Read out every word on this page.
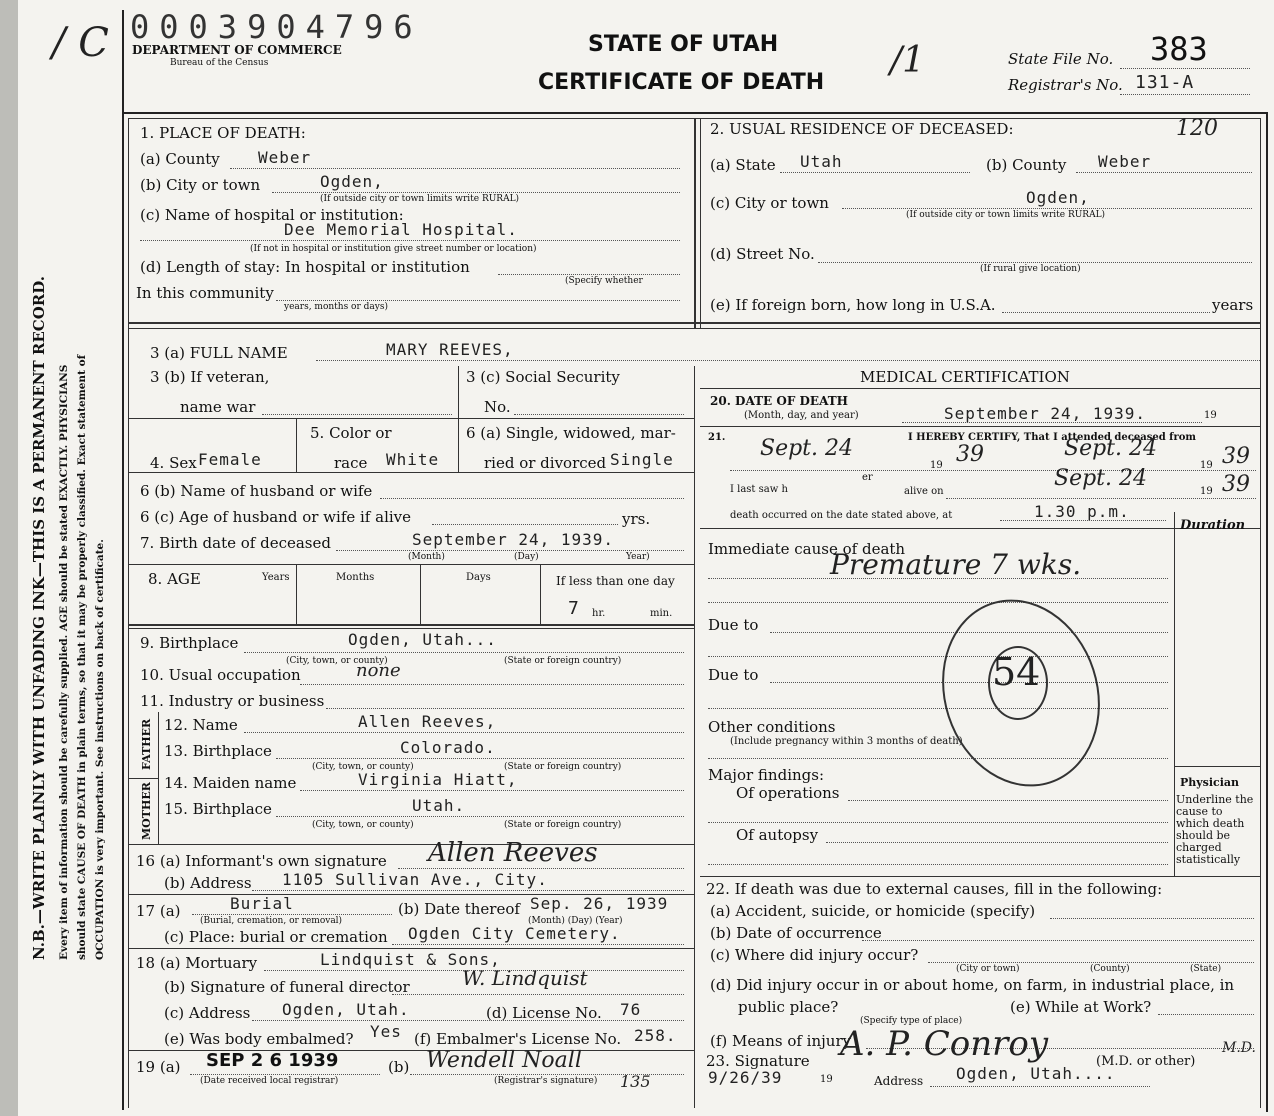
/ C
N.B.—WRITE PLAINLY WITH UNFADING INK—THIS IS A PERMANENT RECORD. Every item of information should be carefully supplied. AGE should be stated EXACTLY. PHYSICIANS should state CAUSE OF DEATH in plain terms, so that it may be properly classified. Exact statement of OCCUPATION is very important. See instructions on back of certificate.
0003904796
DEPARTMENT OF COMMERCE
Bureau of the Census
STATE OF UTAH
CERTIFICATE OF DEATH
/1	State File No. 383
Registrar's No. 131-A
1. PLACE OF DEATH:
(a) County Weber
(b) City or town	Ogden,
(If outside city or town limits write RURAL)
(c) Name of hospital or institution:
Dee Memorial Hospital.
(If not in hospital or institution give street number or location)
(d) Length of stay: In hospital or institution
(Specify whether
In this community
years, months or days)
2. USUAL RESIDENCE OF DECEASED:	120
(a) State Utah	(b) County Weber
(c) City or town	Ogden,
(If outside city or town limits write RURAL)
(d) Street No.
(If rural give location)
(e) If foreign born, how long in U.S.A.	years
3 (a) FULL NAME	MARY REEVES,
3 (b) If veteran,
name war
3 (c) Social Security
No.
4. Sex Female
5. Color or
race White
6 (a) Single, widowed, mar-
ried or divorced Single
6 (b) Name of husband or wife
6 (c) Age of husband or wife if alive	yrs.
7. Birth date of deceased	September 24, 1939.
(Month)	(Day)	Year)
8. AGE	Years	Months	Days	If less than one day
7 hr.	min.
9. Birthplace	Ogden, Utah...
(City, town, or county)	(State or foreign country)
10. Usual occupation	none
11. Industry or business
FATHER
MOTHER
12. Name	Allen Reeves,
13. Birthplace	Colorado.
(City, town, or county)	(State or foreign country)
14. Maiden name	Virginia Hiatt,
15. Birthplace	Utah.
(City, town, or county)	(State or foreign country)
16 (a) Informant's own signature Allen Reeves
(b) Address 1105 Sullivan Ave., City.
17 (a)	Burial
(Burial, cremation, or removal)
(b) Date thereof Sep. 26, 1939
(Month) (Day) (Year)
(c) Place: burial or cremation Ogden City Cemetery.
18 (a) Mortuary	Lindquist & Sons,
(b) Signature of funeral director	W. Lindquist
(c) Address Ogden, Utah.	(d) License No. 76
(e) Was body embalmed? Yes (f) Embalmer's License No. 258.
19 (a) SEP 2 6 1939
(Date received local registrar)
(b) Wendell Noall
(Registrar's signature) 135
MEDICAL CERTIFICATION
20. DATE OF DEATH
(Month, day, and year)	September 24, 1939.	19
21.	I HEREBY CERTIFY, That I attended deceased from
Sept. 24
19 39	Sept. 24
19 39
I last saw h
er
alive on
Sept. 24
19 39
death occurred on the date stated above, at	1.30 p.m.
Duration
Immediate cause of death
Premature 7 wks.
Due to
Due to
Other conditions
(Include pregnancy within 3 months of death)
54
Major findings:
Of operations
Of autopsy
Physician
Underline the cause to which death should be charged statistically
22. If death was due to external causes, fill in the following:
(a) Accident, suicide, or homicide (specify)
(b) Date of occurrence
(c) Where did injury occur?
(City or town)	(County)	(State)
(d) Did injury occur in or about home, on farm, in industrial place, in
public place?
(Specify type of place)
(e) While at Work?
(f) Means of injury
23. Signature A. P. Conroy	(M.D. or other)
M.D.
9/26/39	19	Address Ogden, Utah....
